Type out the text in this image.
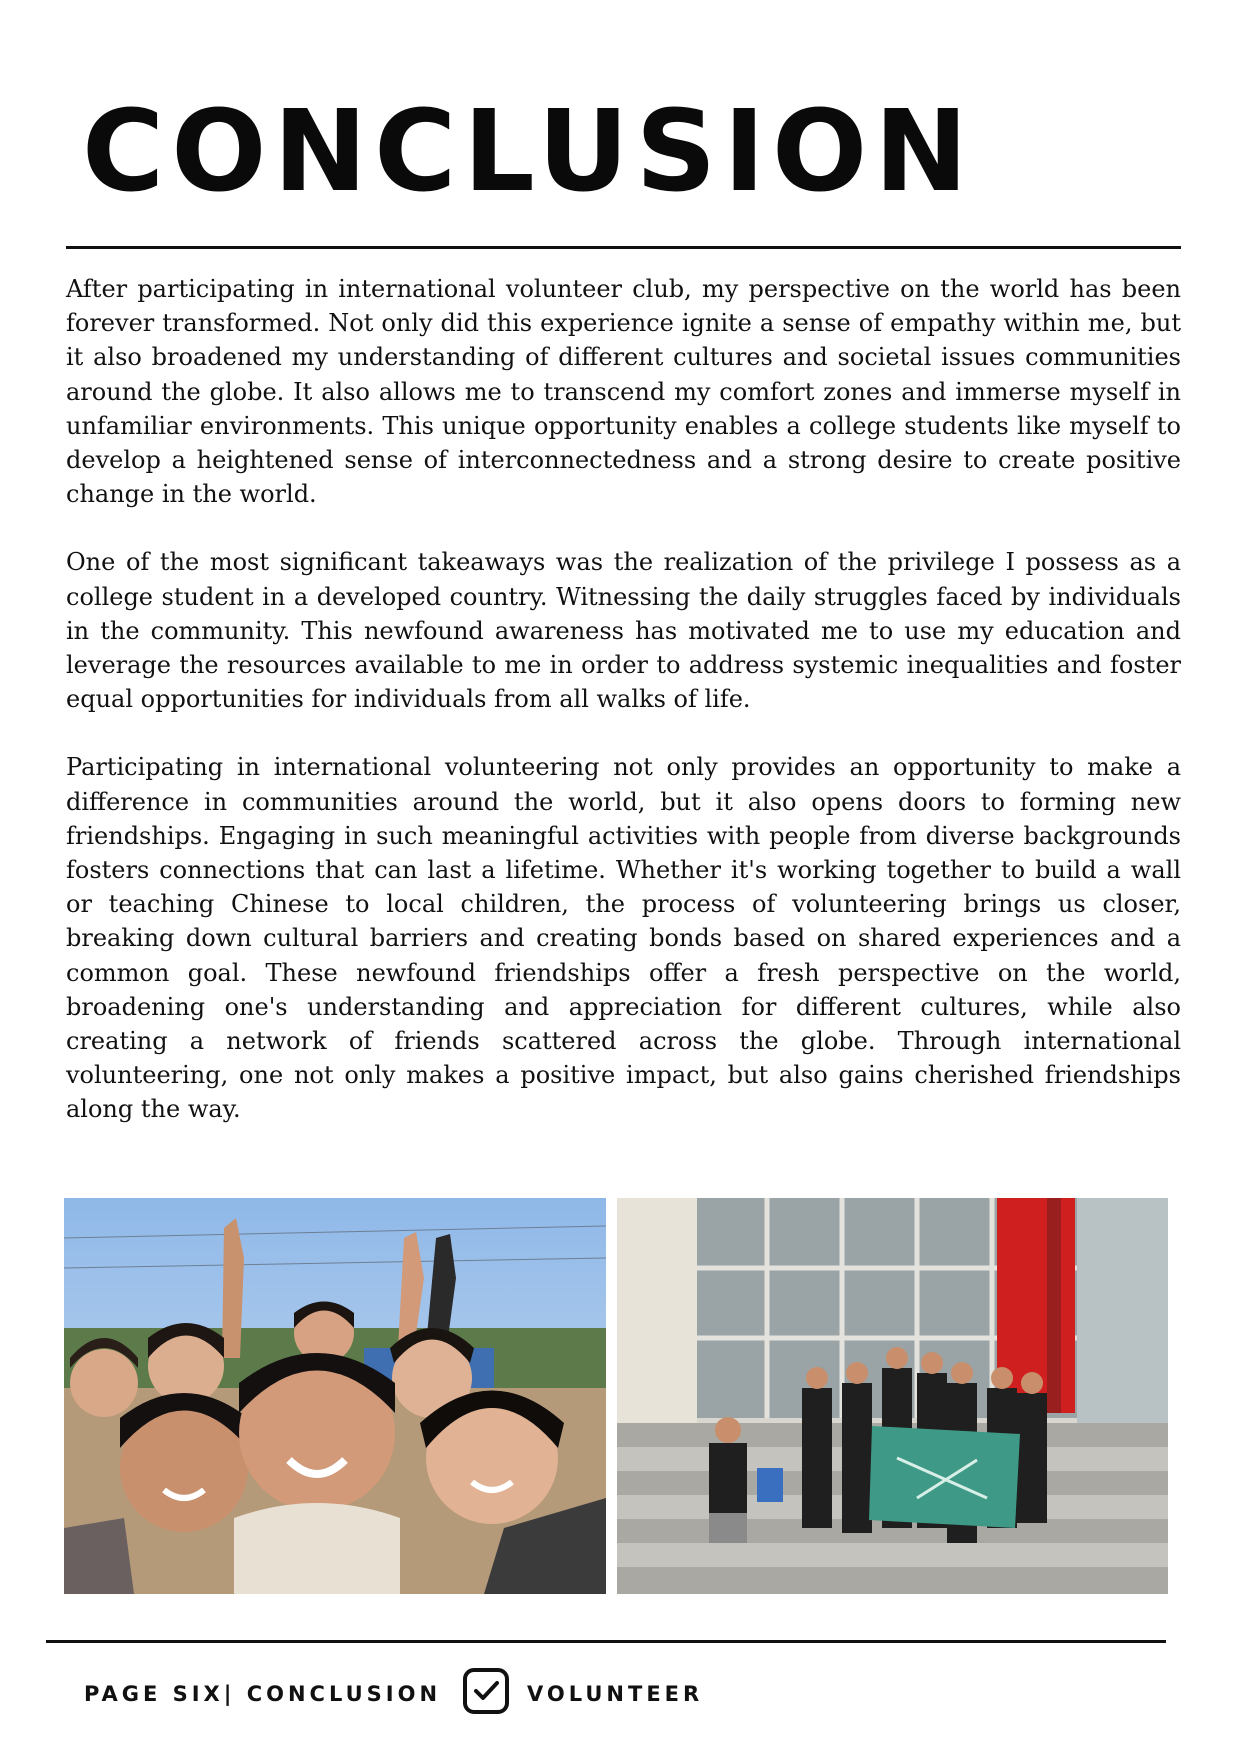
CONCLUSION

After participating in international volunteer club, my perspective on the world has been forever transformed. Not only did this experience ignite a sense of empathy within me, but it also broadened my understanding of different cultures and societal issues communities around the globe. It also allows me to transcend my comfort zones and immerse myself in unfamiliar environments. This unique opportunity enables a college students like myself to develop a heightened sense of interconnectedness and a strong desire to create positive change in the world.

One of the most significant takeaways was the realization of the privilege I possess as a college student in a developed country. Witnessing the daily struggles faced by individuals in the community. This newfound awareness has motivated me to use my education and leverage the resources available to me in order to address systemic inequalities and foster equal opportunities for individuals from all walks of life.

Participating in international volunteering not only provides an opportunity to make a difference in communities around the world, but it also opens doors to forming new friendships. Engaging in such meaningful activities with people from diverse backgrounds fosters connections that can last a lifetime. Whether it's working together to build a wall or teaching Chinese to local children, the process of volunteering brings us closer, breaking down cultural barriers and creating bonds based on shared experiences and a common goal. These newfound friendships offer a fresh perspective on the world, broadening one's understanding and appreciation for different cultures, while also creating a network of friends scattered across the globe. Through international volunteering, one not only makes a positive impact, but also gains cherished friendships along the way.

PAGE SIX| CONCLUSION	VOLUNTEER
